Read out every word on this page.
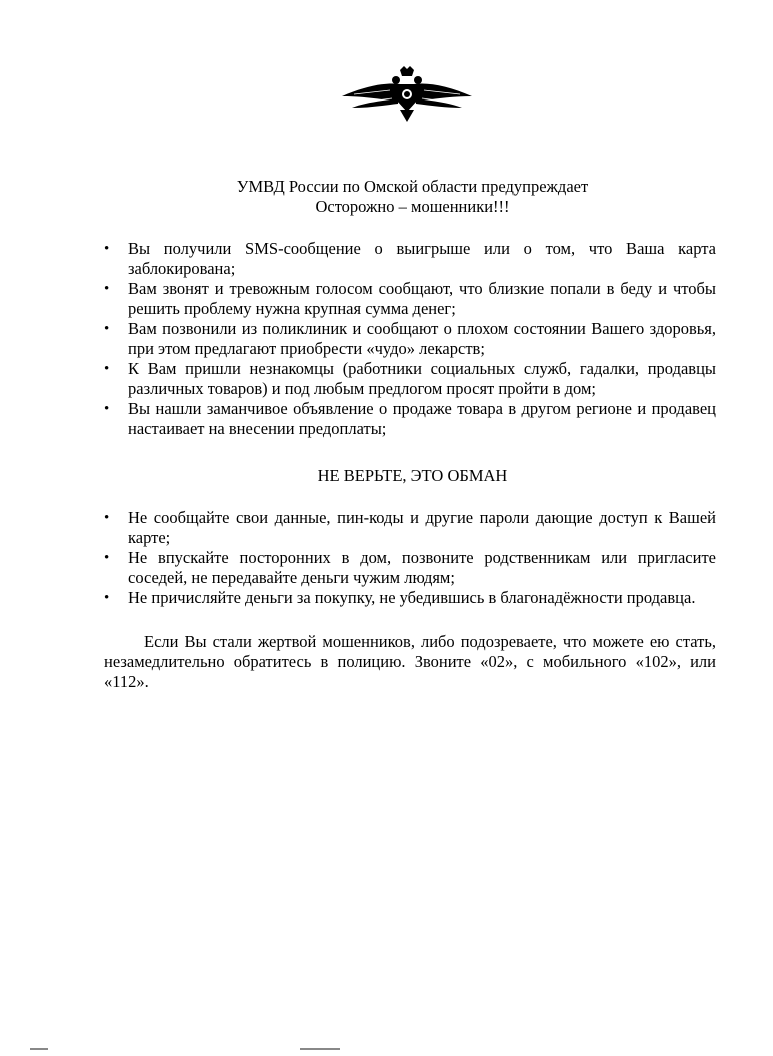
УМВД России по Омской области предупреждает
Осторожно – мошенники!!!
•	Вы получили SMS-сообщение о выигрыше или о том, что Ваша карта заблокирована;
•	Вам звонят и тревожным голосом сообщают, что близкие попали в беду и чтобы решить проблему нужна крупная сумма денег;
•	Вам позвонили из поликлиник и сообщают о плохом состоянии Вашего здоровья, при этом предлагают приобрести «чудо» лекарств;
•	К Вам пришли незнакомцы (работники социальных служб, гадалки, продавцы различных товаров) и под любым предлогом просят пройти в дом;
•	Вы нашли заманчивое объявление о продаже товара в другом регионе и продавец настаивает на внесении предоплаты;
НЕ ВЕРЬТЕ, ЭТО ОБМАН
•	Не сообщайте свои данные, пин-коды и другие пароли дающие доступ к Вашей карте;
•	Не впускайте посторонних в дом, позвоните родственникам или пригласите соседей, не передавайте деньги чужим людям;
•	Не причисляйте деньги за покупку, не убедившись в благонадёжности продавца.

Если Вы стали жертвой мошенников, либо подозреваете, что можете ею стать, незамедлительно обратитесь в полицию. Звоните «02», с мобильного «102», или «112».
